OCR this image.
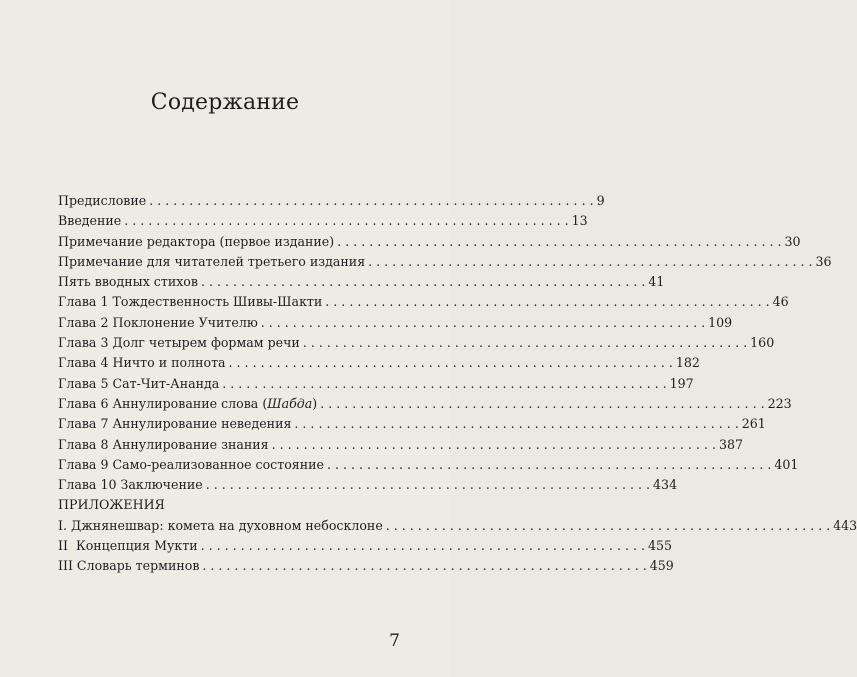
Содержание
Предисловие . . .	9
Введение . . .	13
Примечание редактора (первое издание) . . .	30
Примечание для читателей третьего издания . . .	36
Пять вводных стихов . . .	41
Глава 1 Тождественность Шивы-Шакти . . .	46
Глава 2 Поклонение Учителю . . .	109
Глава 3 Долг четырем формам речи . . .	160
Глава 4 Ничто и полнота . . .	182
Глава 5 Сат-Чит-Ананда . . .	197
Глава 6 Аннулирование слова (Шабда) . . .	223
Глава 7 Аннулирование неведения . . .	261
Глава 8 Аннулирование знания . . .	387
Глава 9 Само-реализованное состояние . . .	401
Глава 10 Заключение . . .	434
ПРИЛОЖЕНИЯ
I. Джнянешвар: комета на духовном небосклоне . . .	443
II  Концепция Мукти . . .	455
III Словарь терминов . . .	459
7
